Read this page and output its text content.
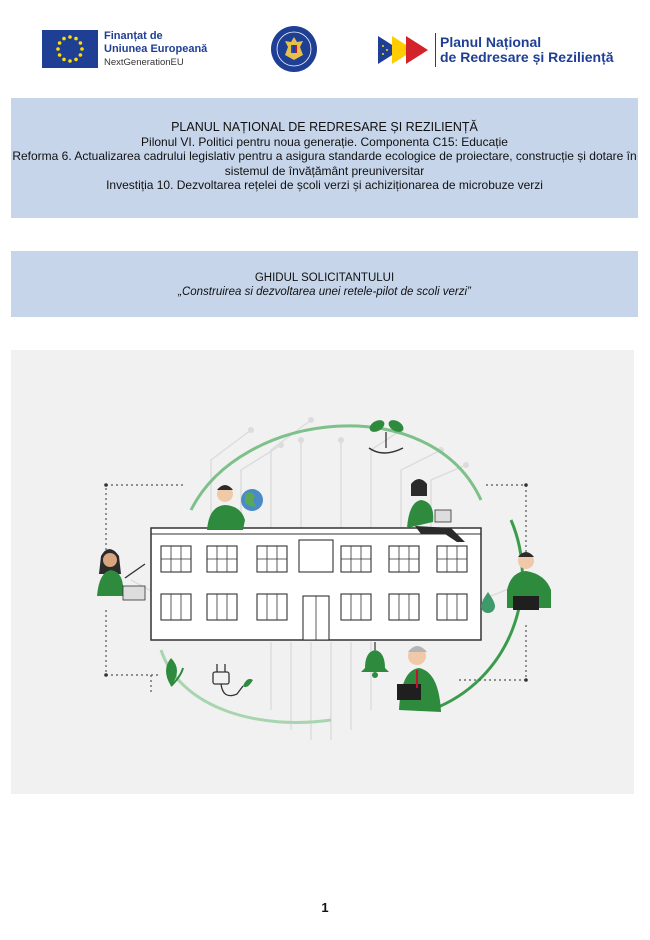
Finanțat de
Uniunea Europeană
NextGenerationEU
Planul Național
de Redresare și Reziliență
PLANUL NAȚIONAL DE REDRESARE ȘI REZILIENȚĂ
Pilonul VI. Politici pentru noua generație. Componenta C15: Educație
Reforma 6. Actualizarea cadrului legislativ pentru a asigura standarde ecologice de proiectare, construcție și dotare în
sistemul de învățământ preuniversitar
Investiția 10. Dezvoltarea rețelei de școli verzi și achiziționarea de microbuze verzi
GHIDUL SOLICITANTULUI
„Construirea si dezvoltarea unei retele-pilot de scoli verzi”
1
